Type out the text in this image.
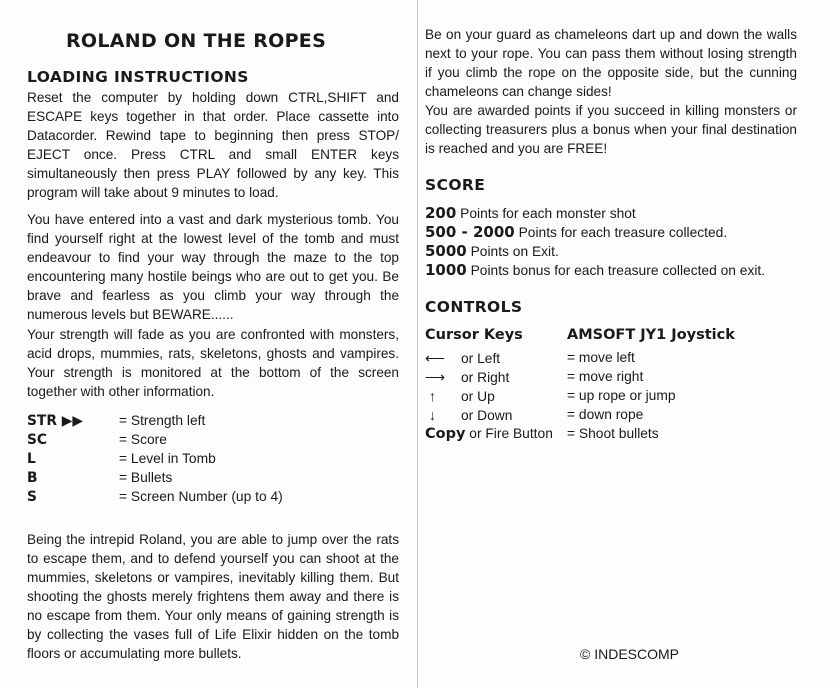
ROLAND ON THE ROPES
LOADING INSTRUCTIONS

Reset the computer by holding down CTRL,SHIFT and ESCAPE keys together in that order. Place cassette into Datacorder. Rewind tape to beginning then press STOP/ EJECT once. Press CTRL and small ENTER keys simultaneously then press PLAY followed by any key. This program will take about 9 minutes to load.

You have entered into a vast and dark mysterious tomb. You find yourself right at the lowest level of the tomb and must endeavour to find your way through the maze to the top encountering many hostile beings who are out to get you. Be brave and fearless as you climb your way through the numerous levels but BEWARE......

Your strength will fade as you are confronted with monsters, acid drops, mummies, rats, skeletons, ghosts and vampires. Your strength is monitored at the bottom of the screen together with other information.

STR ▶▶	= Strength left
SC	= Score
L	= Level in Tomb
B	= Bullets
S	= Screen Number (up to 4)

Being the intrepid Roland, you are able to jump over the rats to escape them, and to defend yourself you can shoot at the mummies, skeletons or vampires, inevitably killing them. But shooting the ghosts merely frightens them away and there is no escape from them. Your only means of gaining strength is by collecting the vases full of Life Elixir hidden on the tomb floors or accumulating more bullets.

Be on your guard as chameleons dart up and down the walls next to your rope. You can pass them without losing strength if you climb the rope on the opposite side, but the cunning chameleons can change sides!

You are awarded points if you succeed in killing monsters or collecting treasurers plus a bonus when your final destination is reached and you are FREE!

SCORE
200 Points for each monster shot
500 - 2000 Points for each treasure collected.
5000 Points on Exit.
1000 Points bonus for each treasure collected on exit.
CONTROLS
Cursor Keys	AMSOFT JY1 Joystick
⟵ or Left	= move left
⟶ or Right	= move right
↑ or Up	= up rope or jump
↓ or Down	= down rope
Copy or Fire Button = Shoot bullets
© INDESCOMP
